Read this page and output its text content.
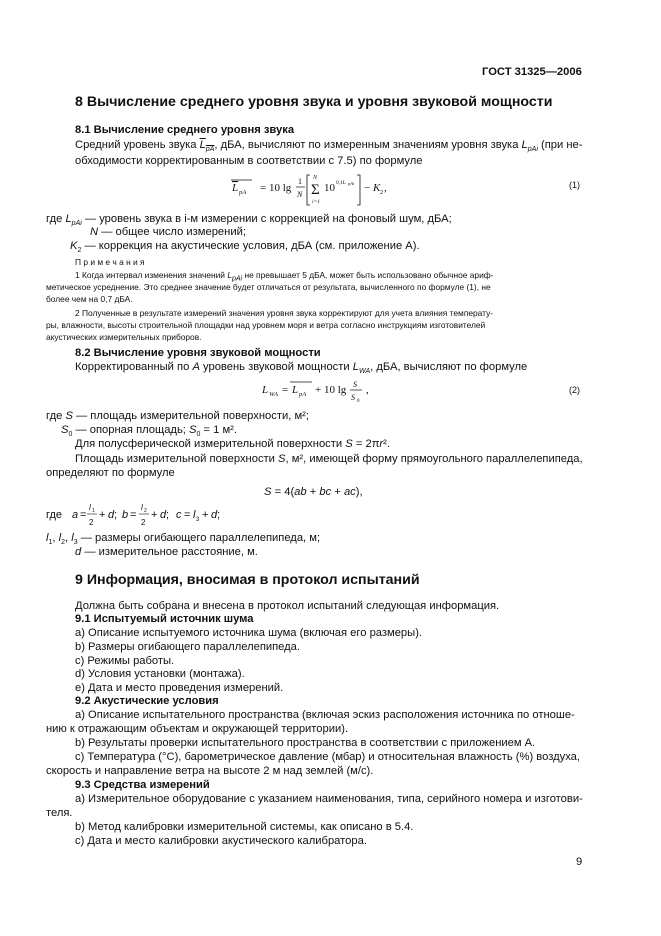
ГОСТ 31325—2006
8 Вычисление среднего уровня звука и уровня звуковой мощности
8.1 Вычисление среднего уровня звука
Средний уровень звука $L_{pA}$, дБА, вычисляют по измеренным значениям уровня звука $L_{pAi}$ (при не-
обходимости корректированным в соответствии с 7.5) по формуле
L pA = 10 lg
1
N
N
Σ
i=1
10 0,1L pAi − K 2 ,	(1)
где $L_{pAi}$ — уровень звука в i-м измерении с коррекцией на фоновый шум, дБА;
N — общее число измерений;
$K_2$ — коррекция на акустические условия, дБА (см. приложение А).
П р и м е ч а н и я
1 Когда интервал изменения значений $L_{pAi}$ не превышает 5 дБА, может быть использовано обычное ариф-
метическое усреднение. Это среднее значение будет отличаться от результата, вычисленного по формуле (1), не
более чем на 0,7 дБА.
2 Полученные в результате измерений значения уровня звука корректируют для учета влияния температу-
ры, влажности, высоты строительной площадки над уровнем моря и ветра согласно инструкциям изготовителей
акустических измерительных приборов.
8.2 Вычисление уровня звуковой мощности
Корректированный по A уровень звуковой мощности $L_{WA}$, дБА, вычисляют по формуле
L WA = L pA + 10 lg S
S 0
,	(2)
где S — площадь измерительной поверхности, м²;
$S_0$ — опорная площадь; $S_0 = 1$ м².
Для полусферической измерительной поверхности S = 2πr².
Площадь измерительной поверхности S, м², имеющей форму прямоугольного параллелепипеда,
определяют по формуле
S = 4(ab + bc + ac),
где a =
l 1
2
+ d ; b =
l 2
2
+ d ; c = l 3 + d ;
$l_1$, $l_2$, $l_3$ — размеры огибающего параллелепипеда, м;
d — измерительное расстояние, м.
9 Информация, вносимая в протокол испытаний
Должна быть собрана и внесена в протокол испытаний следующая информация.
9.1 Испытуемый источник шума
a) Описание испытуемого источника шума (включая его размеры).
b) Размеры огибающего параллелепипеда.
c) Режимы работы.
d) Условия установки (монтажа).
e) Дата и место проведения измерений.
9.2 Акустические условия
а) Описание испытательного пространства (включая эскиз расположения источника по отноше-
нию к отражающим объектам и окружающей территории).
b) Результаты проверки испытательного пространства в соответствии с приложением А.
c) Температура (°С), барометрическое давление (мбар) и относительная влажность (%) воздуха,
скорость и направление ветра на высоте 2 м над землей (м/с).
9.3 Средства измерений
a) Измерительное оборудование с указанием наименования, типа, серийного номера и изготови-
теля.
b) Метод калибровки измерительной системы, как описано в 5.4.
c) Дата и место калибровки акустического калибратора.
9
